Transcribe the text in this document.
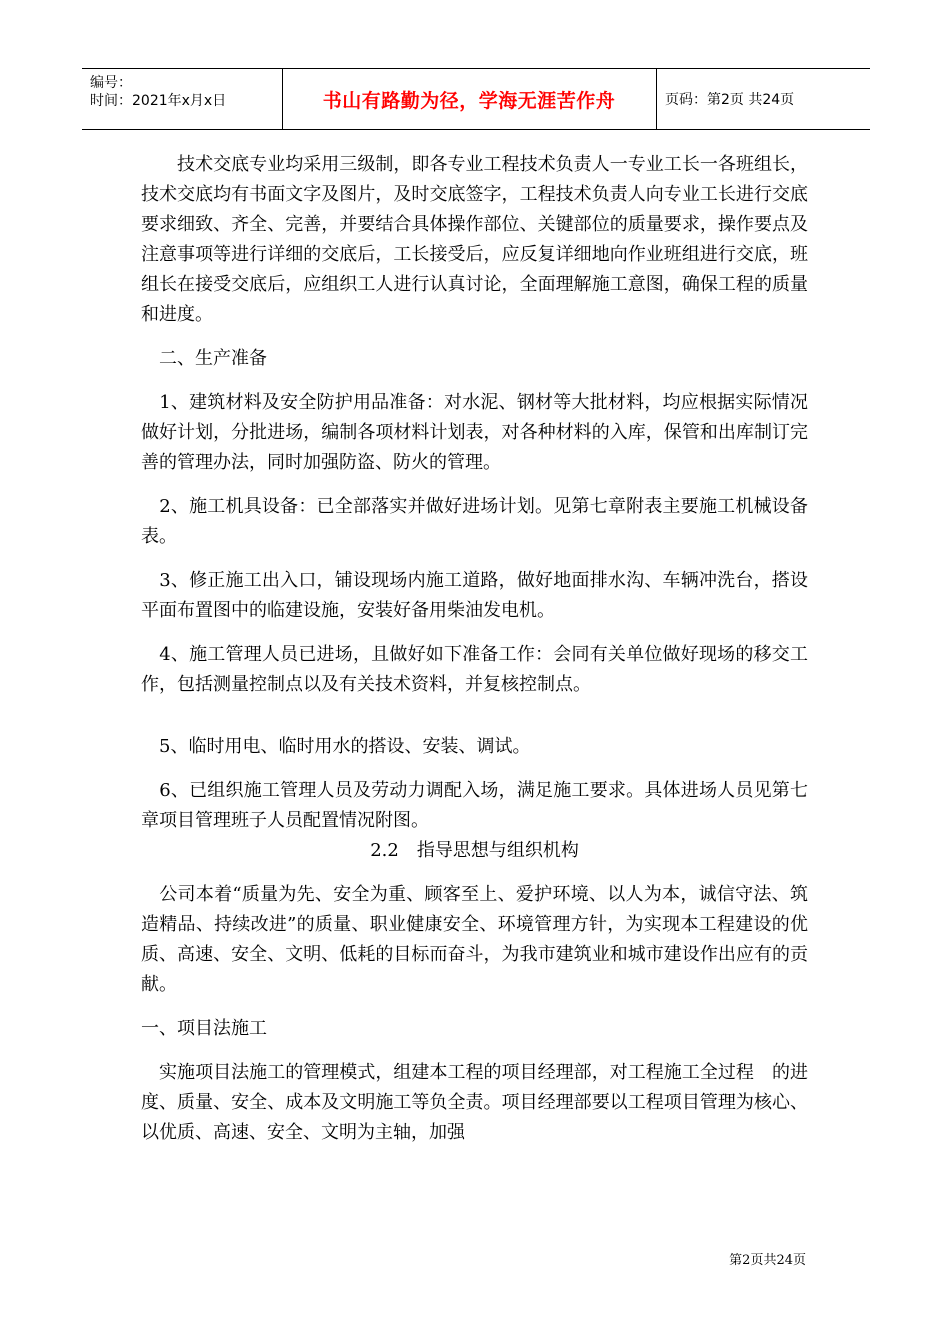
编号：
时间：2021年x月x日	书山有路勤为径，学海无涯苦作舟	页码：第2页 共24页

　　技术交底专业均采用三级制，即各专业工程技术负责人一专业工长一各班组长，技术交底均有书面文字及图片，及时交底签字，工程技术负责人向专业工长进行交底要求细致、齐全、完善，并要结合具体操作部位、关键部位的质量要求，操作要点及注意事项等进行详细的交底后，工长接受后，应反复详细地向作业班组进行交底，班组长在接受交底后，应组织工人进行认真讨论，全面理解施工意图，确保工程的质量和进度。

　二、生产准备

　1、建筑材料及安全防护用品准备：对水泥、钢材等大批材料，均应根据实际情况做好计划，分批进场，编制各项材料计划表，对各种材料的入库，保管和出库制订完善的管理办法，同时加强防盗、防火的管理。

　2、施工机具设备：已全部落实并做好进场计划。见第七章附表主要施工机械设备表。

　3、修正施工出入口，铺设现场内施工道路，做好地面排水沟、车辆冲洗台，搭设平面布置图中的临建设施，安装好备用柴油发电机。

　4、施工管理人员已进场，且做好如下准备工作：会同有关单位做好现场的移交工作，包括测量控制点以及有关技术资料，并复核控制点。

　5、临时用电、临时用水的搭设、安装、调试。

　6、已组织施工管理人员及劳动力调配入场，满足施工要求。具体进场人员见第七章项目管理班子人员配置情况附图。

2.2　指导思想与组织机构

　公司本着“质量为先、安全为重、顾客至上、爱护环境、以人为本，诚信守法、筑造精品、持续改进”的质量、职业健康安全、环境管理方针，为实现本工程建设的优质、高速、安全、文明、低耗的目标而奋斗，为我市建筑业和城市建设作出应有的贡献。

一、项目法施工

　实施项目法施工的管理模式，组建本工程的项目经理部，对工程施工全过程　的进度、质量、安全、成本及文明施工等负全责。项目经理部要以工程项目管理为核心、以优质、高速、安全、文明为主轴，加强

第2页共24页
